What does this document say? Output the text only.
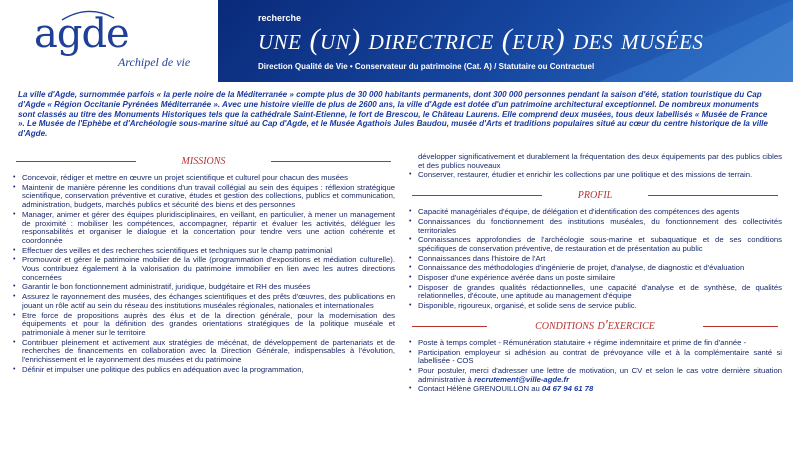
agde
Archipel de vie
recherche
une (un) directrice (eur) des musées
Direction Qualité de Vie • Conservateur du patrimoine (Cat. A) / Statutaire ou Contractuel

La ville d'Agde, surnommée parfois « la perle noire de la Méditerranée » compte plus de 30 000 habitants permanents, dont 300 000 personnes pendant la saison d'été, station touristique du Cap d'Agde « Région Occitanie Pyrénées Méditerranée ». Avec une histoire vieille de plus de 2600 ans, la ville d'Agde est dotée d'un patrimoine architectural exceptionnel. De nombreux monuments sont classés au titre des Monuments Historiques tels que la cathédrale Saint-Etienne, le fort de Brescou, le Château Laurens. Elle comprend deux musées, tous deux labellisés « Musée de France ». Le Musée de l'Ephèbe et d'Archéologie sous-marine situé au Cap d'Agde, et le Musée Agathois Jules Baudou, musée d'Arts et traditions populaires situé au cœur du centre historique de la ville d'Agde.

missions
• Concevoir, rédiger et mettre en œuvre un projet scientifique et culturel pour chacun des musées
• Maintenir de manière pérenne les conditions d'un travail collégial au sein des équipes : réflexion stratégique scientifique, conservation préventive et curative, études et gestion des collections, publics et communication, administration, budgets, marchés publics et sécurité des biens et des personnes
• Manager, animer et gérer des équipes pluridisciplinaires, en veillant, en particulier, à mener un management de proximité : mobiliser les compétences, accompagner, répartir et évaluer les activités, déléguer les responsabilités et organiser le dialogue et la concertation pour tendre vers une action cohérente et coordonnée
• Effectuer des veilles et des recherches scientifiques et techniques sur le champ patrimonial
• Promouvoir et gérer le patrimoine mobilier de la ville (programmation d'expositions et médiation culturelle). Vous contribuez également à la valorisation du patrimoine immobilier en lien avec les autres directions concernées
• Garantir le bon fonctionnement administratif, juridique, budgétaire et RH des musées
• Assurez le rayonnement des musées, des échanges scientifiques et des prêts d'œuvres, des publications en jouant un rôle actif au sein du réseau des institutions muséales régionales, nationales et internationales
• Etre force de propositions auprès des élus et de la direction générale, pour la modernisation des équipements et pour la définition des grandes orientations stratégiques de la politique muséale et patrimoniale à mener sur le territoire
• Contribuer pleinement et activement aux stratégies de mécénat, de développement de partenariats et de recherches de financements en collaboration avec la Direction Générale, indispensables à l'évolution, l'enrichissement et le rayonnement des musées et du patrimoine
• Définir et impulser une politique des publics en adéquation avec la programmation,
développer significativement et durablement la fréquentation des deux équipements par des publics cibles et des publics nouveaux
• Conserver, restaurer, étudier et enrichir les collections par une politique et des missions de terrain.
profil
• Capacité managériales d'équipe, de délégation et d'identification des compétences des agents
• Connaissances du fonctionnement des institutions muséales, du fonctionnement des collectivités territoriales
• Connaissances approfondies de l'archéologie sous-marine et subaquatique et de ses conditions spécifiques de conservation préventive, de restauration et de présentation au public
• Connaissances dans l'histoire de l'Art
• Connaissance des méthodologies d'ingénierie de projet, d'analyse, de diagnostic et d'évaluation
• Disposer d'une expérience avérée dans un poste similaire
• Disposer de grandes qualités rédactionnelles, une capacité d'analyse et de synthèse, de qualités relationnelles, d'écoute, une aptitude au management d'équipe
• Disponible, rigoureux, organisé, et solide sens de service public.
conditions d'exercice
• Poste à temps complet - Rémunération statutaire + régime indemnitaire et prime de fin d'année -
• Participation employeur si adhésion au contrat de prévoyance ville et à la complémentaire santé si labellisée - COS
• Pour postuler, merci d'adresser une lettre de motivation, un CV et selon le cas votre dernière situation administrative à recrutement@ville-agde.fr
• Contact Hélène GRENOUILLON au 04 67 94 61 78
